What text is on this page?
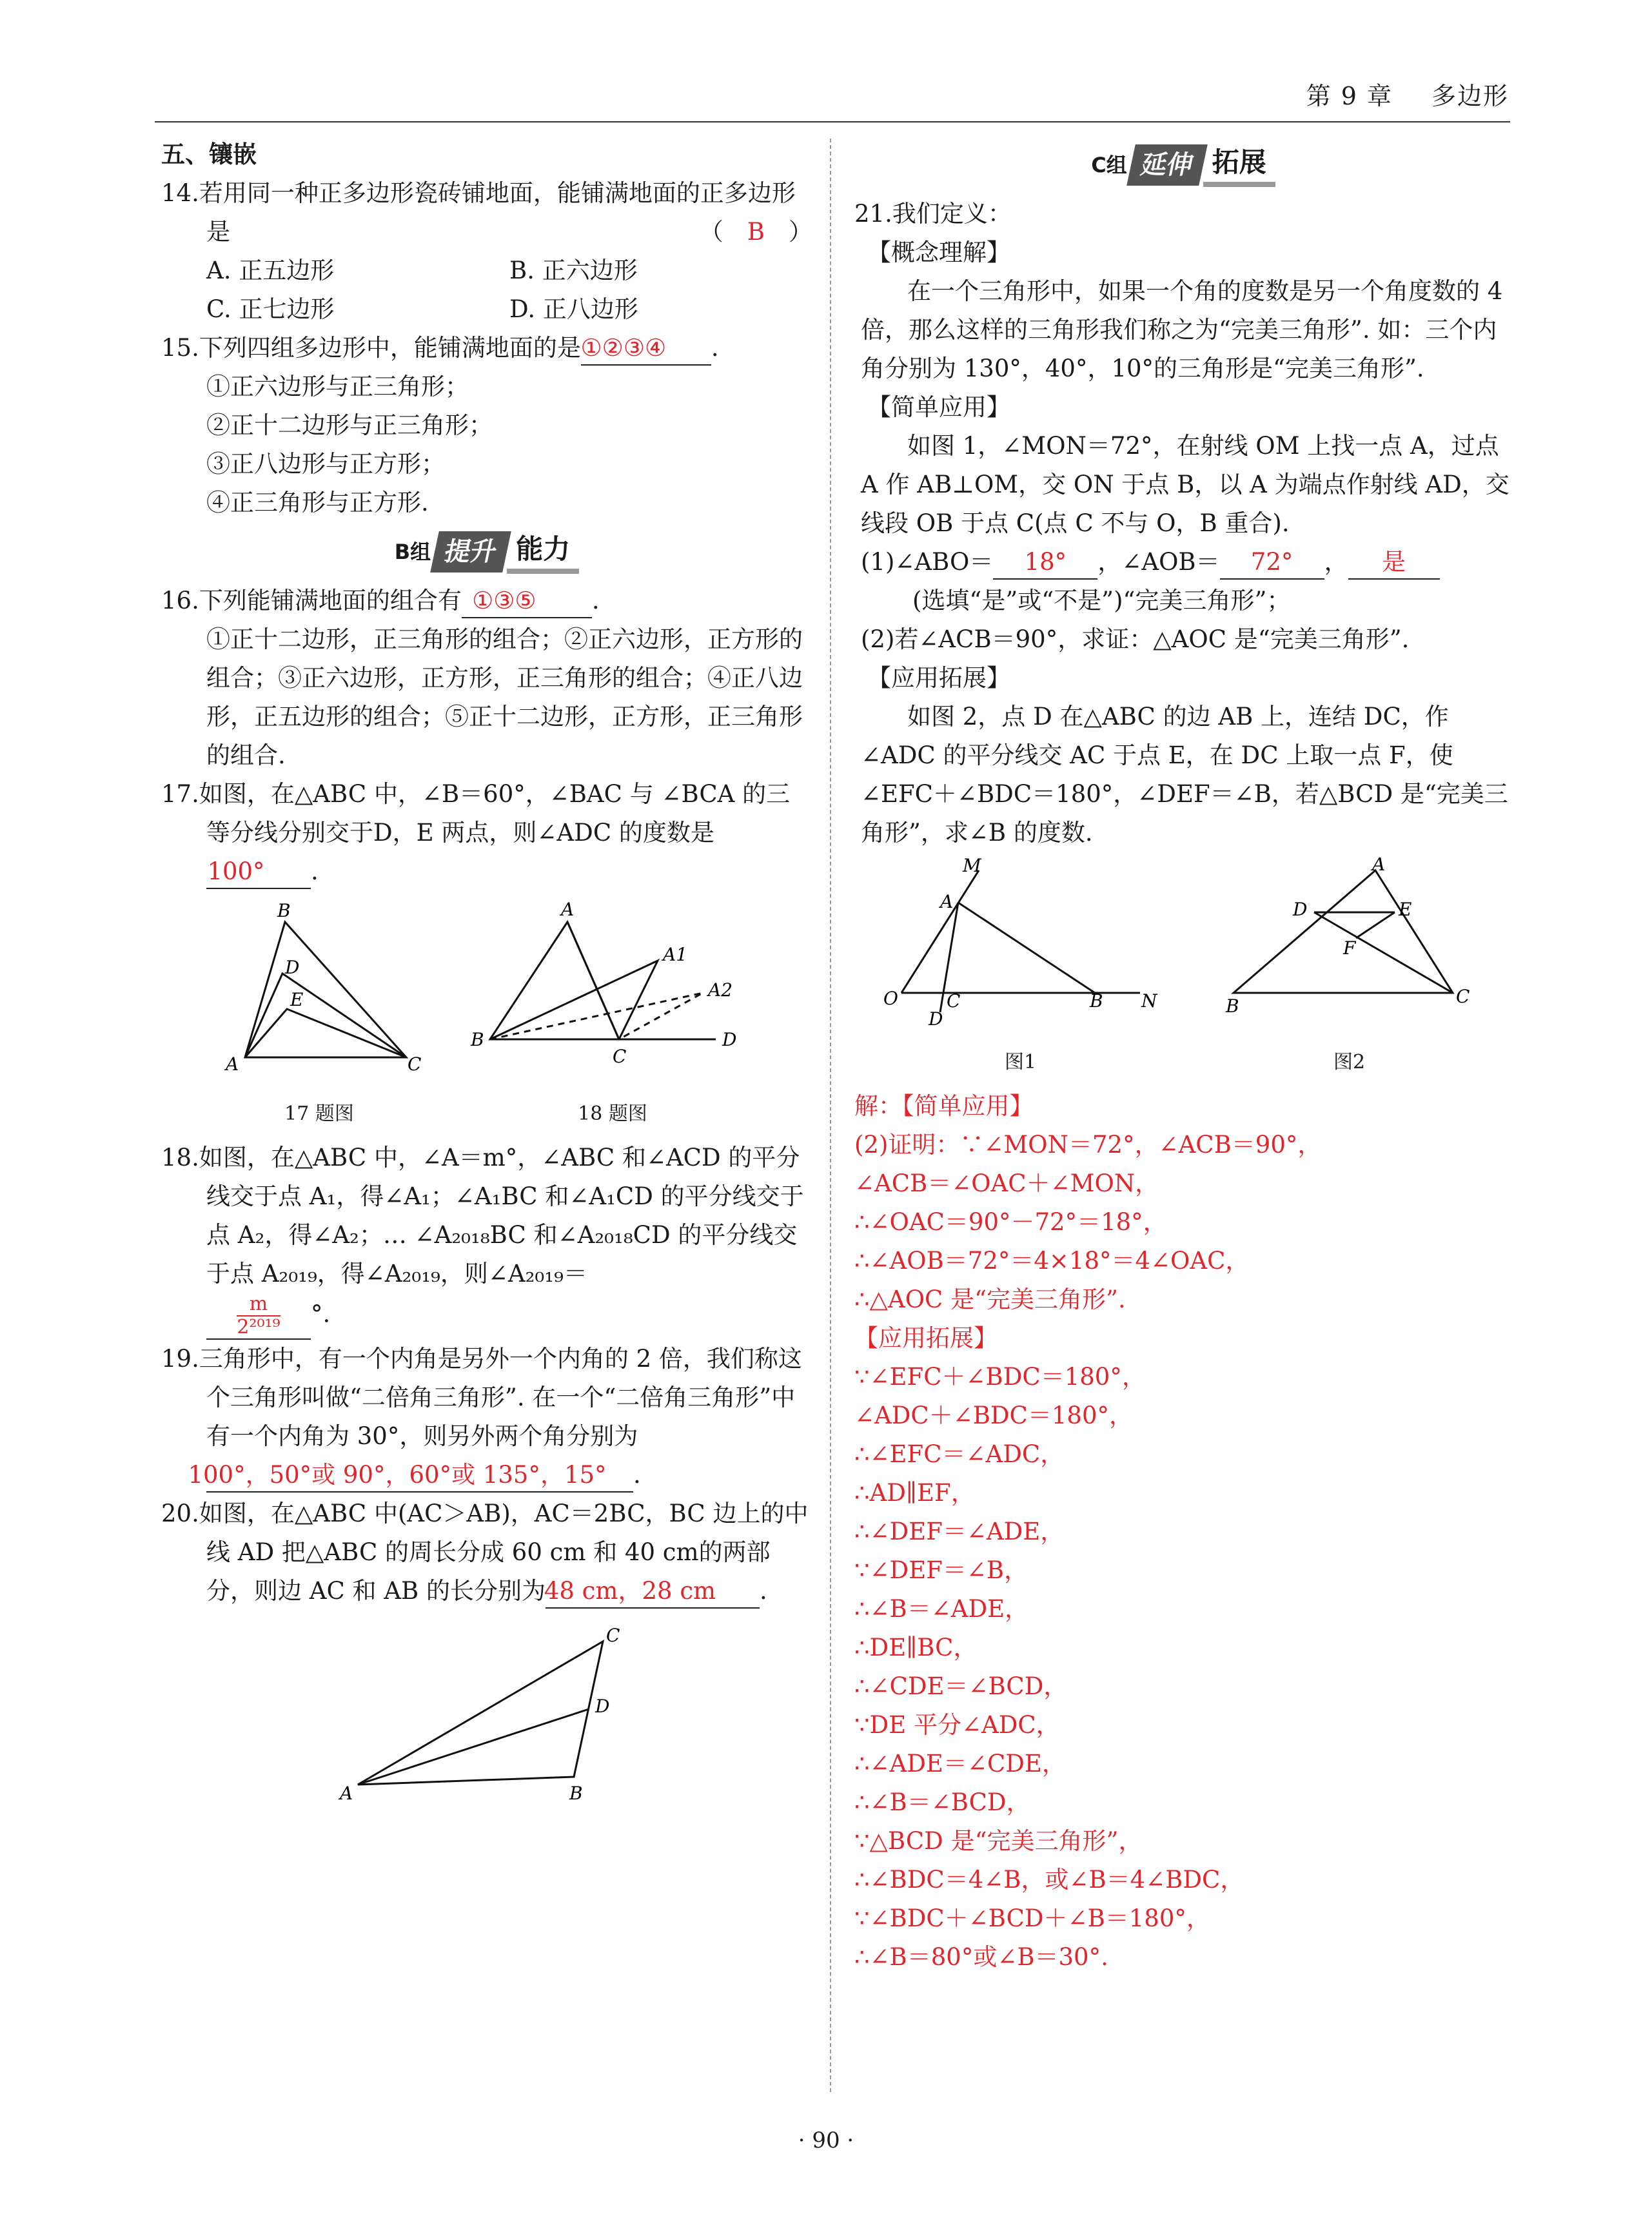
第 9 章 多边形

五、镶嵌

14.若用同一种正多边形瓷砖铺地面，能铺满地面的正多边形是	（　B　）

A. 正五边形	B. 正六边形
C. 正七边形	D. 正八边形

15.下列四组多边形中，能铺满地面的是①②③④ .

①正六边形与正三角形；

②正十二边形与正三角形；

③正八边形与正方形；

④正三角形与正方形.

B组 提升 能力

16.下列能铺满地面的组合有 ①③⑤ .

①正十二边形，正三角形的组合；②正六边形，正方形的组合；③正六边形，正方形，正三角形的组合；④正八边形，正五边形的组合；⑤正十二边形，正方形，正三角形的组合.

17.如图，在△ABC 中，∠B＝60°，∠BAC 与 ∠BCA 的三等分线分别交于D，E 两点，则∠ADC 的度数是100° .

B
D
E
A	C
17 题图
A
A1
A2
B
C
D
18 题图

18.如图，在△ABC 中，∠A＝m°，∠ABC 和∠ACD 的平分线交于点 A₁，得∠A₁；∠A₁BC 和∠A₁CD 的平分线交于点 A₂，得∠A₂；… ∠A₂₀₁₈BC 和∠A₂₀₁₈CD 的平分线交于点 A₂₀₁₉，得∠A₂₀₁₉，则∠A₂₀₁₉＝

$\frac{m}{\text{2²⁰¹⁹}}$ °.

19.三角形中，有一个内角是另外一个内角的 2 倍，我们称这个三角形叫做“二倍角三角形”. 在一个“二倍角三角形”中有一个内角为 30°，则另外两个角分别为100°，50°或 90°，60°或 135°，15° .

20.如图，在△ABC 中(AC＞AB)，AC＝2BC，BC 边上的中线 AD 把△ABC 的周长分成 60 cm 和 40 cm的两部分，则边 AC 和 AB 的长分别为48 cm，28 cm .

C
D
A	B
C组 延伸 拓展

21.我们定义：

【概念理解】

在一个三角形中，如果一个角的度数是另一个角度数的 4 倍，那么这样的三角形我们称之为“完美三角形”. 如：三个内角分别为 130°，40°，10°的三角形是“完美三角形”.

【简单应用】

如图 1，∠MON＝72°，在射线 OM 上找一点 A，过点 A 作 AB⊥OM，交 ON 于点 B，以 A 为端点作射线 AD，交线段 OB 于点 C(点 C 不与 O，B 重合).

(1)∠ABO＝ 18° ，∠AOB＝ 72° ， 是

(选填“是”或“不是”)“完美三角形”；

(2)若∠ACB＝90°，求证：△AOC 是“完美三角形”.

【应用拓展】

如图 2，点 D 在△ABC 的边 AB 上，连结 DC，作∠ADC 的平分线交 AC 于点 E，在 DC 上取一点 F，使∠EFC＋∠BDC＝180°，∠DEF＝∠B，若△BCD 是“完美三角形”，求∠B 的度数.

M
A
O	C
D
B N
图1
A
D	E
F
B	C
图2

解：【简单应用】

(2)证明：∵∠MON＝72°，∠ACB＝90°，

∠ACB＝∠OAC＋∠MON，

∴∠OAC＝90°－72°＝18°，

∴∠AOB＝72°＝4×18°＝4∠OAC，

∴△AOC 是“完美三角形”.

【应用拓展】

∵∠EFC＋∠BDC＝180°，

∠ADC＋∠BDC＝180°，

∴∠EFC＝∠ADC，

∴AD∥EF，

∴∠DEF＝∠ADE，

∵∠DEF＝∠B，

∴∠B＝∠ADE，

∴DE∥BC，

∴∠CDE＝∠BCD，

∵DE 平分∠ADC，

∴∠ADE＝∠CDE，

∴∠B＝∠BCD，

∵△BCD 是“完美三角形”，

∴∠BDC＝4∠B，或∠B＝4∠BDC，

∵∠BDC＋∠BCD＋∠B＝180°，

∴∠B＝80°或∠B＝30°.

· 90 ·
